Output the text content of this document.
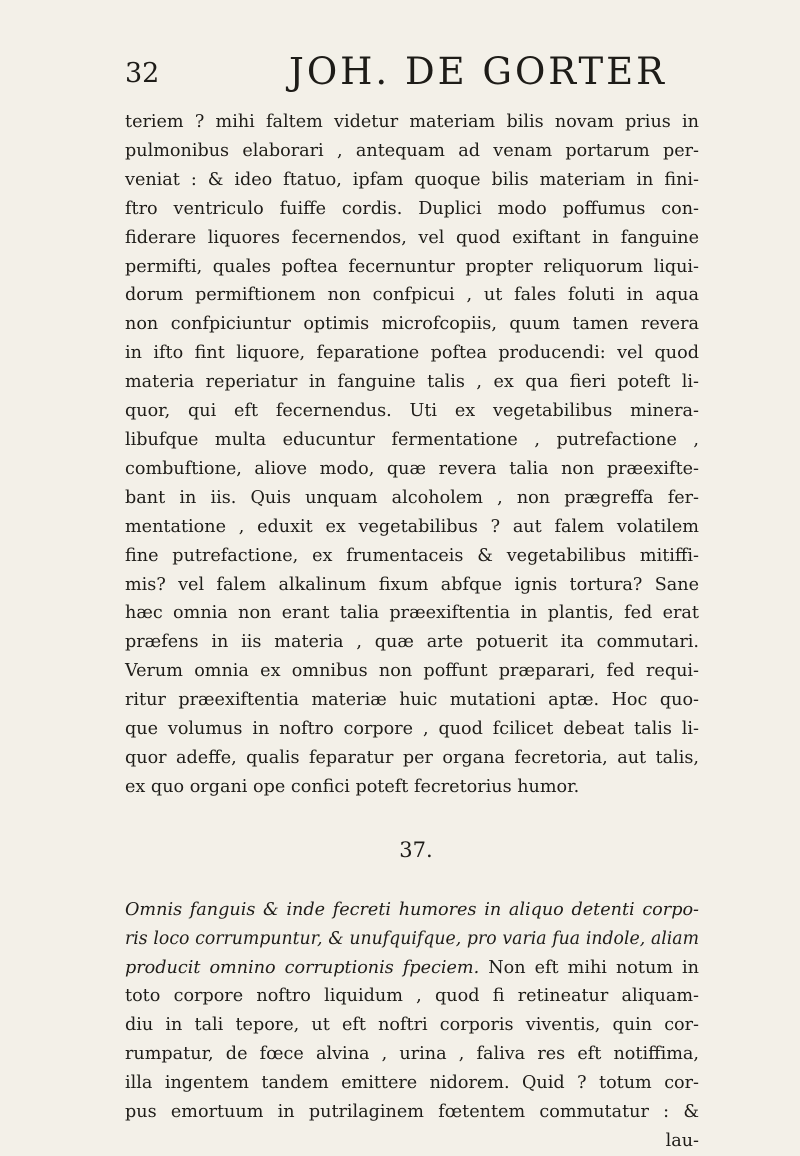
32	JOH. DE GORTER
teriem ? mihi faltem videtur materiam bilis novam prius in
pulmonibus elaborari , antequam ad venam portarum per-
veniat : & ideo ftatuo, ipfam quoque bilis materiam in fini-
ftro ventriculo fuiffe cordis. Duplici modo poffumus con-
fiderare liquores fecernendos, vel quod exiftant in fanguine
permifti, quales poftea fecernuntur propter reliquorum liqui-
dorum permiftionem non confpicui , ut fales foluti in aqua
non confpiciuntur optimis microfcopiis, quum tamen revera
in ifto fint liquore, feparatione poftea producendi: vel quod
materia reperiatur in fanguine talis , ex qua fieri poteft li-
quor, qui eft fecernendus. Uti ex vegetabilibus minera-
libufque multa educuntur fermentatione , putrefactione ,
combuftione, aliove modo, quæ revera talia non præexifte-
bant in iis. Quis unquam alcoholem , non prægreffa fer-
mentatione , eduxit ex vegetabilibus ? aut falem volatilem
fine putrefactione, ex frumentaceis & vegetabilibus mitiffi-
mis? vel falem alkalinum fixum abfque ignis tortura? Sane
hæc omnia non erant talia præexiftentia in plantis, fed erat
præfens in iis materia , quæ arte potuerit ita commutari.
Verum omnia ex omnibus non poffunt præparari, fed requi-
ritur præexiftentia materiæ huic mutationi aptæ. Hoc quo-
que volumus in noftro corpore , quod fcilicet debeat talis li-
quor adeffe, qualis feparatur per organa fecretoria, aut talis,
ex quo organi ope confici poteft fecretorius humor.
37.
Omnis fanguis & inde fecreti humores in aliquo detenti corpo-
ris loco corrumpuntur, & unufquifque, pro varia fua indole, aliam
producit omnino corruptionis fpeciem. Non eft mihi notum in
toto corpore noftro liquidum , quod fi retineatur aliquam-
diu in tali tepore, ut eft noftri corporis viventis, quin cor-
rumpatur, de fœce alvina , urina , faliva res eft notiffima,
illa ingentem tandem emittere nidorem. Quid ? totum cor-
pus emortuum in putrilaginem fœtentem commutatur : &
lau-
